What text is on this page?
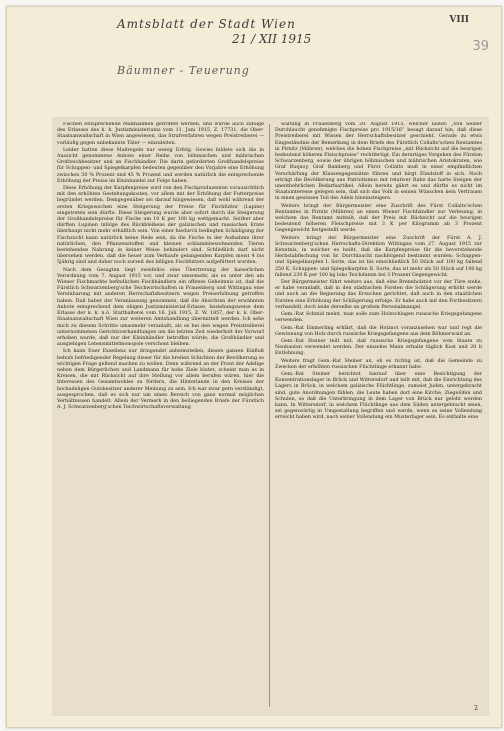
Amtsblatt der Stadt Wien
21 / XII 1915
VIII
39
Bäumner - Teuerung

Fischen entsprechende Maßnahmen getroffen werden, und wurde auch zufolge des Erlasses des k. k. Justizministeriums vom 11. Juni 1915, Z. 17731, die Ober-Staatsanwaltschaft in Wien angewiesen, das Strafverfahren wegen Preistreiberei — vorläufig gegen unbekannte Täter — einzuleiten.

Leider hatten diese Maßregeln nur wenig Erfolg. Gewiss bildete sich die in Aussicht genommene Anbote einer Reihe von böhmischen und mährischen Großteichbesitzer und an Fischhändler. Die darin geforderten Großhandelspreise für Schuppen- und Spiegelkarpfen bedeuten gegenüber den Vorjahre eine Erhöhung zwischen 30 % Prozent und 45 % Prozent und werden natürlich die entsprechende Erhöhung der Preise im Kleinhandel zur Folge haben.

Diese Erhöhung der Karpfenpreise wird von den Fischproduzenten vorausichtlich mit den erhöhten Gestehungskosten, vor allem mit der Erhöhung der Futterpreise begründet werden. Demgegenüber sei darauf hingewiesen, daß wohl während der ersten Kriegswochen eine Steigerung der Preise für Fischfutter (Lupine) eingetreten sein dürfte. Diese Steigerung wurde aber sofort durch die Steigerung der Großhandelspreise für Fische um 10 K per 100 kg wettgemacht. Seither aber dürften Lupinen infolge des Rückbleibens der galizischen und russischen Ernte überhaupt nicht mehr erhältlich sein. Von einer hiedurch bedingten Schädigung der Fischzucht kann natürlich keine Rede sein, da die Fische in der Aufnahme ihrer natürlichen, den Pflanzenstoffen und kleinen schlammbewohnenden Tieren bestehenden Nahrung in keiner Weise behindert sind. Schließlich darf nicht übersehen werden, daß die heuer zum Verkaufe gelangenden Karpfen meist 4 bis 5jährig sind und daher noch zurzeit des billigen Fischfutters aufgefüttert wurden.

Nach dem Gesagten liegt zweifellos eine Übertretung der kaiserlichen Verordnung vom 7. August 1915 vor, und zwar umsomehr, als es unter den am Wiener Fischmarkte befindlichen Fischhändlern ein offenes Geheimnis ist, daß die Fürstlich Schwarzenberg'sche Teichwirtschaften in Frauenberg und Wittingau eine Vereinbarung mit anderen Herrschaftsbesitzern wegen Preiserhöhung getroffen haben. Daß haber der Veranlassung genommen, daß die Absichten der erwähnten Anbote entsprechend dem obigen Justizministerial-Erlasse, beziehungsweise dem Erlasse der k. k. n.ö. Statthalterei vom 16. Juli 1915, Z. W. 1857, der k. k. Ober-Staatsanwaltschaft Wien zur weiteren Amtshandlung übermittelt werden. Ich sehe mich zu diesem Schritte umsomehr veranlaßt, als es bei den wegen Preistreiberei unternommenen Gerichtsverhandlungen um die letzten Zeit wiederholt der Vorwurf erhoben wurde, daß nur der Kleinhändler betroffen würde, die Großhändler und ausgiebigen Lebensmittelmonopole verschont bleiben.

Ich kann Euer Exzellenz nur dringendst anheimstellen, diesen ganzen Einfluß behufs befriedigender Regelung dieser für die breiten Schichten der Bevölkerung so wichtigen Frage geltend machen zu wollen. Denn während an der Front der Adelige neben dem Bürgerlichen und Landmann für hohe Ziele blutet, scheint man es in Kreisen, die mit Rücksicht auf ihre Stellung vor allem berufen wären, hier die Interessen des Gesamtwohles zu fördern, die Hinterlande in den Kreisen der hochadeligen Gutsbesitzer anderer Meinung zu sein. Ich war zwar gern verständigt, ausgesprochen, daß es sich nur um einen Bereich von ganz normal möglichen Verhältnissen handelt. Allein der Vermerk in den beiliegenden Briefe der Fürstlich A. J. Schwarzenberg'schen Teichwirtschaftsverwaltung

waltung in Frauenberg vom 29. August 1915, welcher lautet: „Von Seiner Durchlaucht genehmigte Fischpreise pro 1915/16“ besagt darauf hin, daß diese Preistreiberei mit Wissen der Herrschaftsbesitzer geschieht. Gerade zu etwa Eingeständnis der Bemerkung in dem Briefe des Fürstlich Collalto'schen Rentamtes in Pirnitz (Mähren), welches die hohen Fischpreise „mit Rücksicht auf die heurigen bedeutend höheren Fleischpreise“ rechtfertigt. Ein derartiges Vorgehen des Fürsten Schwarzenberg, sowie der übrigen böhmischen und mährischen Aristokraten, wie Graf Buquoy, Graf Bamberg und Fürst Collalto muß in einer empfindlichen Verschärfung der Klassengegensätze führen und birgt Zündstoff in sich. Noch erträgt die Bevölkerung aus Patriotismus mit relativer Ruhe das harte Steigen der unentbehrlichen Bedarfsartikel. Allein bereits gährt es und dürfte es nicht im Staatsinteresse gelegen sein, daß sich das Volk in seinen Wünschen kein Vertrauen in einen gewissen Teil des Adels hineinsteigere.

Weiters bringt der Bürgermeister eine Zuschrift des Fürst Collalto'schen Rentamtes in Pirnitz (Mähren) an einen Wiener Fischhändler zur Verlesung, in welchem das Rentamt mitteilt, daß der Preis mit Rücksicht auf die heurigen bedeutend höheren Fleischpreise mit 3 K per Kilogramm ab 3 Prozent Gegengewicht festgestellt werde.

Weiters bringt der Bürgermeister eine Zuschrift der Fürst A. J. Schwarzenberg'schen Herrschafts-Direktion Wittingau vom 27. August 1915 zur Kenntnis, in welcher es heißt, daß die Karpfenpreise für die bevorstehende Herbstabfischung von Sr. Durchlaucht nachfolgend bestimmt wurden: Schuppen- und Spiegelkarpfen I. Sorte, das ist bis einschließlich 50 Stück auf 100 kg fallend 250 K, Schuppen- und Spiegelkarpfen II. Sorte, das ist mehr als 50 Stück auf 100 kg fallend 230 K per 100 kg loko Teichdamm bei 3 Prozent Gegengewicht.

Der Bürgermeister führt weiters aus, daß eine Brennholznot vor der Türe stehe, er habe veranlaßt, daß in den städtischen Forsten die Schlägerung erhöht werde und auch an die Regierung das Ersuchen gerichtet, daß auch in den staatlichen Forsten eine Erhöhung der Schlägerung erfolge. Er habe auch mit den Fortbesitzern verhandelt, doch leide derselbe an großem Personalmangel.

Gem.-Rat Schmid meint, man solle zum Holzschlagen russische Kriegsgefangene verwenden.

Gem.-Rat Emmerling erklärt, daß die Holznot voranzusehen war und regt die Gewinnung von Holz durch russische Kriegsgefangene aus dem Böhmerwald an.

Gem.-Rat Steiner teilt mit, daß russische Kriegsgefangene vom Staate zu Neubauten verwendet werden. Der einzelne Mann erhalte täglich Kost und 20 h Entlohnung.

Weiters fragt Gem.-Rat Steiner an, ob es richtig ist, daß die Gemeinde zu Zwecken der erhöhten russischen Flüchtlinge erkannt habe.

Gem.-Rat Steiner berichtet hierauf über eine Besichtigung der Konzentrationslager in Brück und Wittersdorf und teilt mit, daß die Einrichtung des Lagers in Brück, in welchem galizische Flüchtlinge, zumeist Juden, untergebracht sind, gute Anordnungen fühlen, die Leute haben dort eine Kirche, Ziegelöfen und Schulen, so daß die Unterbringung in dem Lager von Brück nur gelobt werden kann. In Wittersdorf, in welchem Flüchtlinge aus dem Süden untergebracht seien, sei gegenwärtig in Umgestaltung begriffen und werde, wenn es seine Vollendung erreicht haben wird, nach seiner Vollendung ein Musterlager sein. Es enthalte eine

2
